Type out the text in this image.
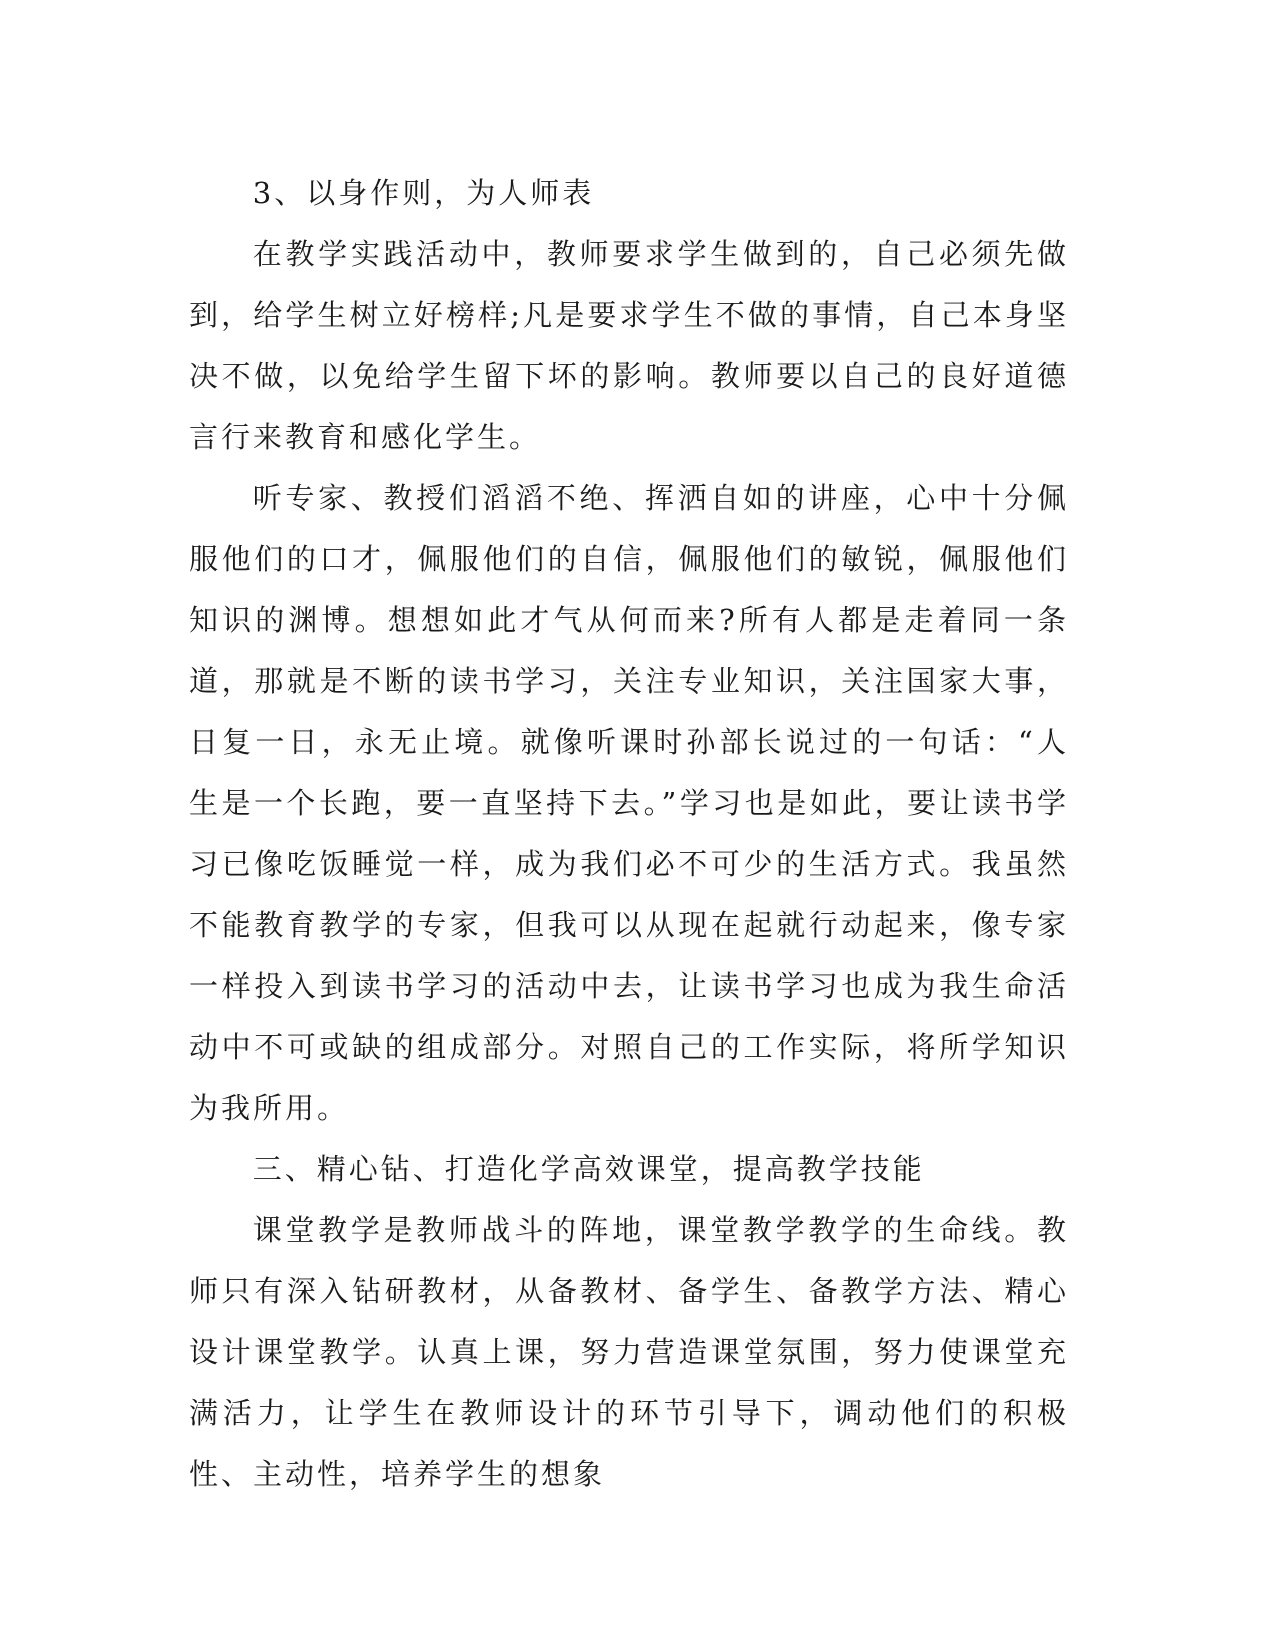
3、以身作则，为人师表

在教学实践活动中，教师要求学生做到的，自己必须先做到，给学生树立好榜样;凡是要求学生不做的事情，自己本身坚决不做，以免给学生留下坏的影响。教师要以自己的良好道德言行来教育和感化学生。

听专家、教授们滔滔不绝、挥洒自如的讲座，心中十分佩服他们的口才，佩服他们的自信，佩服他们的敏锐，佩服他们知识的渊博。想想如此才气从何而来?所有人都是走着同一条道，那就是不断的读书学习，关注专业知识，关注国家大事，日复一日，永无止境。就像听课时孙部长说过的一句话：“人生是一个长跑，要一直坚持下去。”学习也是如此，要让读书学习已像吃饭睡觉一样，成为我们必不可少的生活方式。我虽然不能教育教学的专家，但我可以从现在起就行动起来，像专家一样投入到读书学习的活动中去，让读书学习也成为我生命活动中不可或缺的组成部分。对照自己的工作实际，将所学知识为我所用。

三、精心钻、打造化学高效课堂，提高教学技能

课堂教学是教师战斗的阵地，课堂教学教学的生命线。教师只有深入钻研教材，从备教材、备学生、备教学方法、精心设计课堂教学。认真上课，努力营造课堂氛围，努力使课堂充满活力，让学生在教师设计的环节引导下，调动他们的积极性、主动性，培养学生的想象
